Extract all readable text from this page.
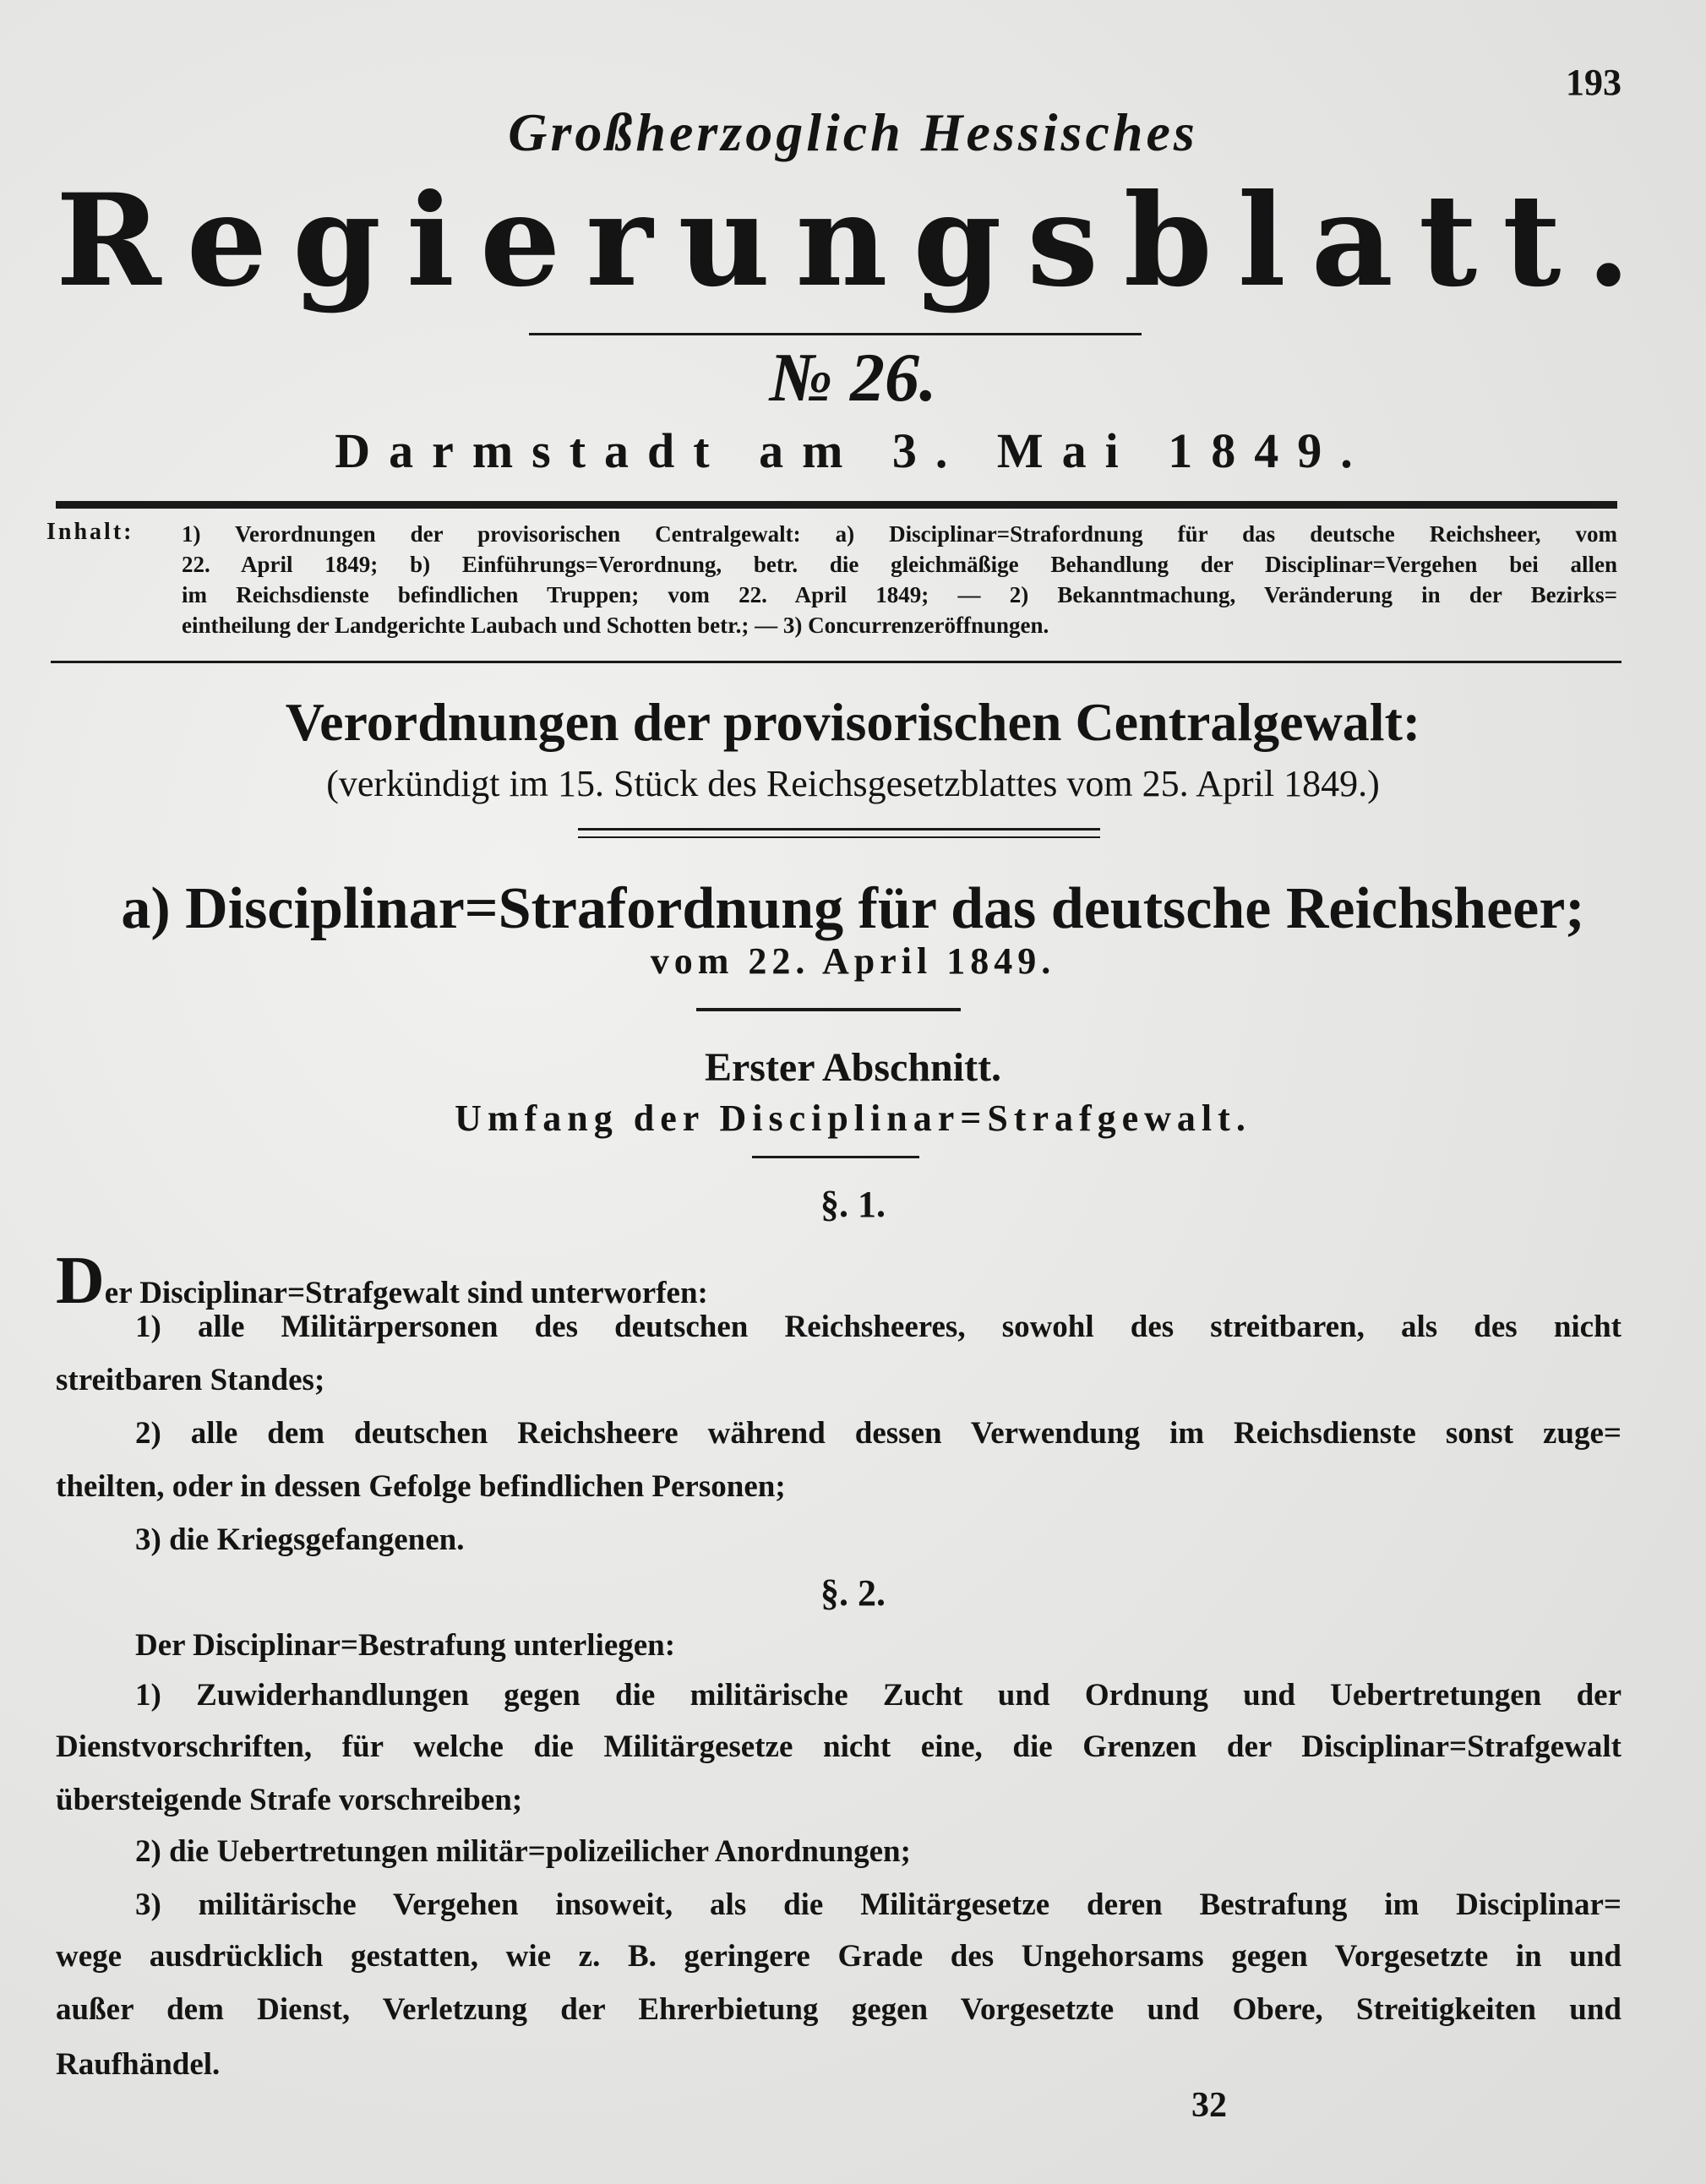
193
Großherzoglich Hessisches
Regierungsblatt.
№ 26.
Darmstadt am 3. Mai 1849.
Inhalt: 1) Verordnungen der provisorischen Centralgewalt: a) Disciplinar=Strafordnung für das deutsche Reichsheer, vom
22. April 1849; b) Einführungs=Verordnung, betr. die gleichmäßige Behandlung der Disciplinar=Vergehen bei allen
im Reichsdienste befindlichen Truppen; vom 22. April 1849; — 2) Bekanntmachung, Veränderung in der Bezirks=
eintheilung der Landgerichte Laubach und Schotten betr.; — 3) Concurrenzeröffnungen.
Verordnungen der provisorischen Centralgewalt:
(verkündigt im 15. Stück des Reichsgesetzblattes vom 25. April 1849.)
a) Disciplinar=Strafordnung für das deutsche Reichsheer;
vom 22. April 1849.
Erster Abschnitt.
Umfang der Disciplinar=Strafgewalt.
§. 1.
Der Disciplinar=Strafgewalt sind unterworfen:
1) alle Militärpersonen des deutschen Reichsheeres, sowohl des streitbaren, als des nicht
streitbaren Standes;
2) alle dem deutschen Reichsheere während dessen Verwendung im Reichsdienste sonst zuge=
theilten, oder in dessen Gefolge befindlichen Personen;
3) die Kriegsgefangenen.
§. 2.
Der Disciplinar=Bestrafung unterliegen:
1) Zuwiderhandlungen gegen die militärische Zucht und Ordnung und Uebertretungen der
Dienstvorschriften, für welche die Militärgesetze nicht eine, die Grenzen der Disciplinar=Strafgewalt
übersteigende Strafe vorschreiben;
2) die Uebertretungen militär=polizeilicher Anordnungen;
3) militärische Vergehen insoweit, als die Militärgesetze deren Bestrafung im Disciplinar=
wege ausdrücklich gestatten, wie z. B. geringere Grade des Ungehorsams gegen Vorgesetzte in und
außer dem Dienst, Verletzung der Ehrerbietung gegen Vorgesetzte und Obere, Streitigkeiten und
Raufhändel.
32
